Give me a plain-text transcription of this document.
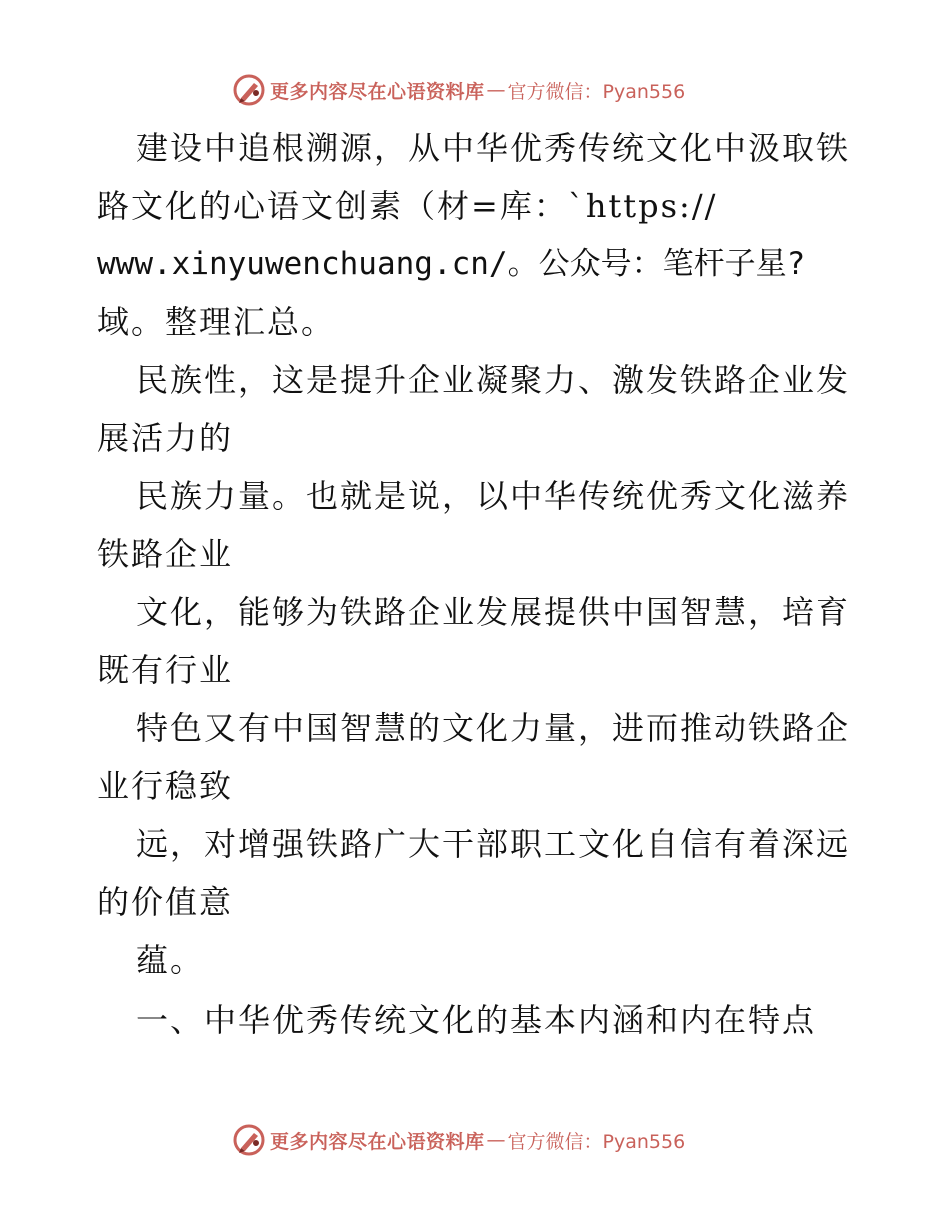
更多内容尽在心语资料库 — 官方微信：Pyan556
建设中追根溯源，从中华优秀传统文化中汲取铁
路文化的心语文创素（材=库：`https://
www.xinyuwenchuang.cn/。公众号：笔杆子星?
域。整理汇总。
民族性，这是提升企业凝聚力、激发铁路企业发
展活力的
民族力量。也就是说，以中华传统优秀文化滋养
铁路企业
文化，能够为铁路企业发展提供中国智慧，培育
既有行业
特色又有中国智慧的文化力量，进而推动铁路企
业行稳致
远，对增强铁路广大干部职工文化自信有着深远
的价值意
蕴。
一、中华优秀传统文化的基本内涵和内在特点
更多内容尽在心语资料库 — 官方微信：Pyan556
